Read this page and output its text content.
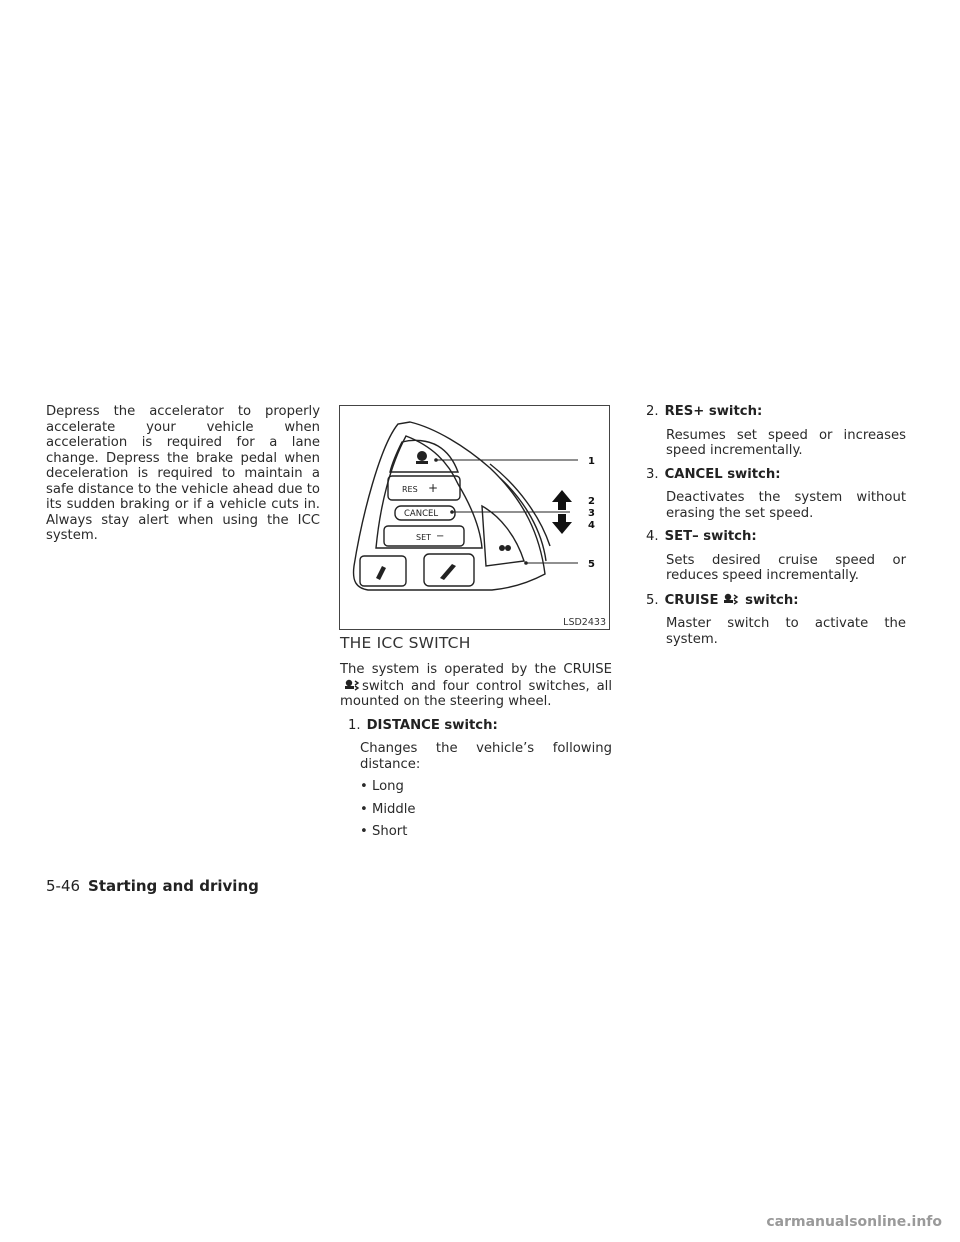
Depress the accelerator to properly accelerate your vehicle when acceleration is required for a lane change. Depress the brake pedal when deceleration is required to maintain a safe distance to the vehicle ahead due to its sudden braking or if a vehicle cuts in. Always stay alert when using the ICC system.

RES +
CANCEL
SET −
1
2
3
4
5
LSD2433
THE ICC SWITCH

The system is operated by the CRUISEswitch and four control switches, all mounted on the steering wheel.

1. DISTANCE switch:

Changes the vehicle’s following distance:

• Long

• Middle

• Short

2. RES+ switch:

Resumes set speed or increases speed incrementally.

3. CANCEL switch:

Deactivates the system without erasing the set speed.

4. SET– switch:

Sets desired cruise speed or reduces speed incrementally.

5. CRUISE switch:

Master switch to activate the system.

5-46 Starting and driving
carmanualsonline.info
